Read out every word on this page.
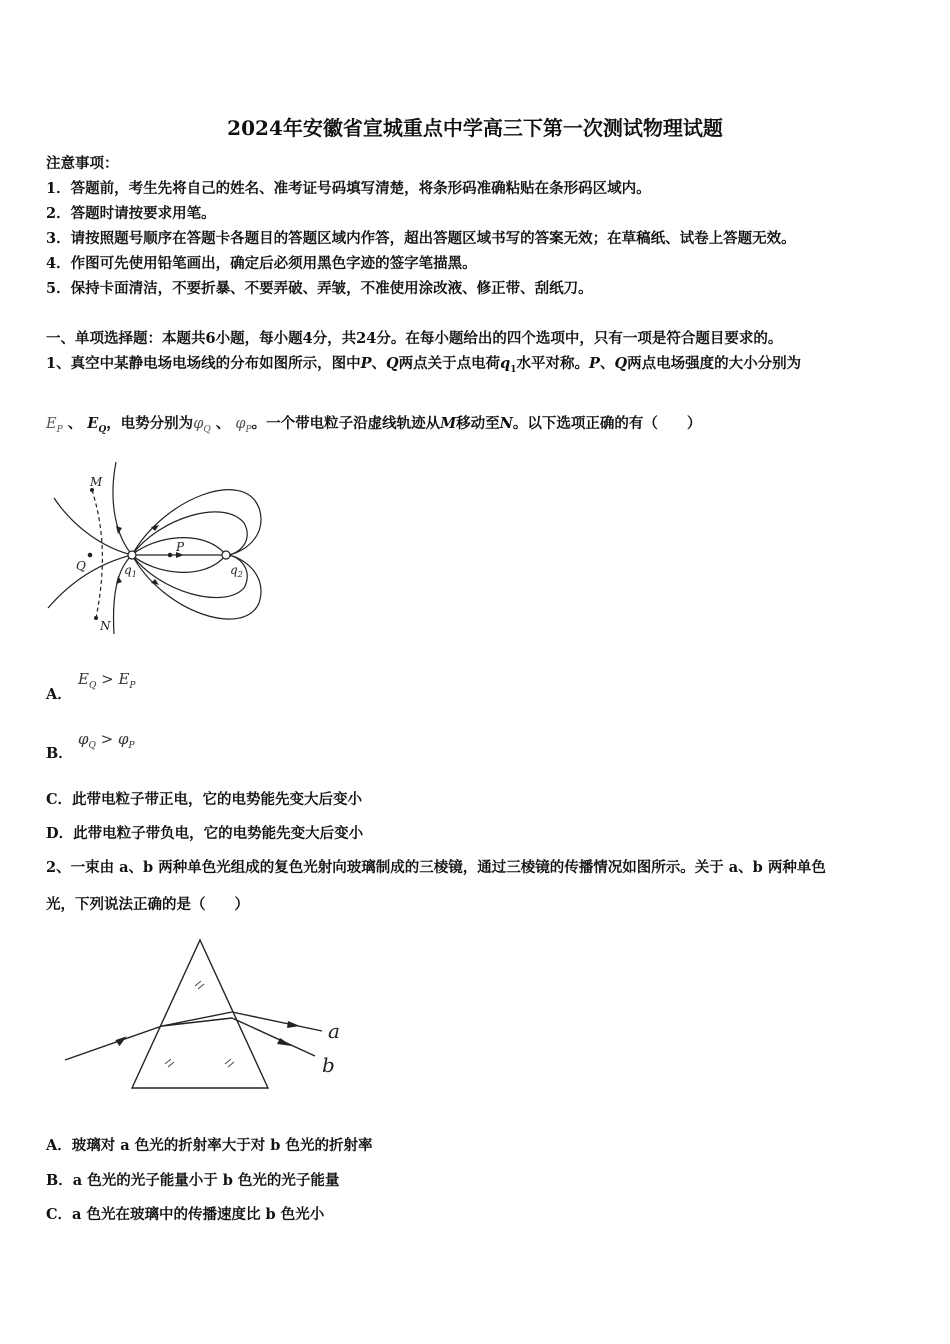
2024年安徽省宣城重点中学高三下第一次测试物理试题
注意事项：
1．答题前，考生先将自己的姓名、准考证号码填写清楚，将条形码准确粘贴在条形码区域内。
2．答题时请按要求用笔。
3．请按照题号顺序在答题卡各题目的答题区域内作答，超出答题区域书写的答案无效；在草稿纸、试卷上答题无效。
4．作图可先使用铅笔画出，确定后必须用黑色字迹的签字笔描黑。
5．保持卡面清洁，不要折暴、不要弄破、弄皱，不准使用涂改液、修正带、刮纸刀。
一、单项选择题：本题共6小题，每小题4分，共24分。在每小题给出的四个选项中，只有一项是符合题目要求的。
1、真空中某静电场电场线的分布如图所示，图中P、Q两点关于点电荷$q_1$水平对称。P、Q两点电场强度的大小分别为
$E_P$ 、 $E_Q$，电势分别为$\varphi_Q$ 、 $\varphi_P$。一个带电粒子沿虚线轨迹从M移动至N。以下选项正确的有（　　）
M
N
P
Q	$q_1$	$q_2$
A．
$E_Q > E_P$
B．
$\varphi_Q > \varphi_P$
C．此带电粒子带正电，它的电势能先变大后变小
D．此带电粒子带负电，它的电势能先变大后变小
2、一束由 a、b 两种单色光组成的复色光射向玻璃制成的三棱镜，通过三棱镜的传播情况如图所示。关于 a、b 两种单色
光，下列说法正确的是（　　）
a
b
A．玻璃对 a 色光的折射率大于对 b 色光的折射率
B．a 色光的光子能量小于 b 色光的光子能量
C．a 色光在玻璃中的传播速度比 b 色光小
